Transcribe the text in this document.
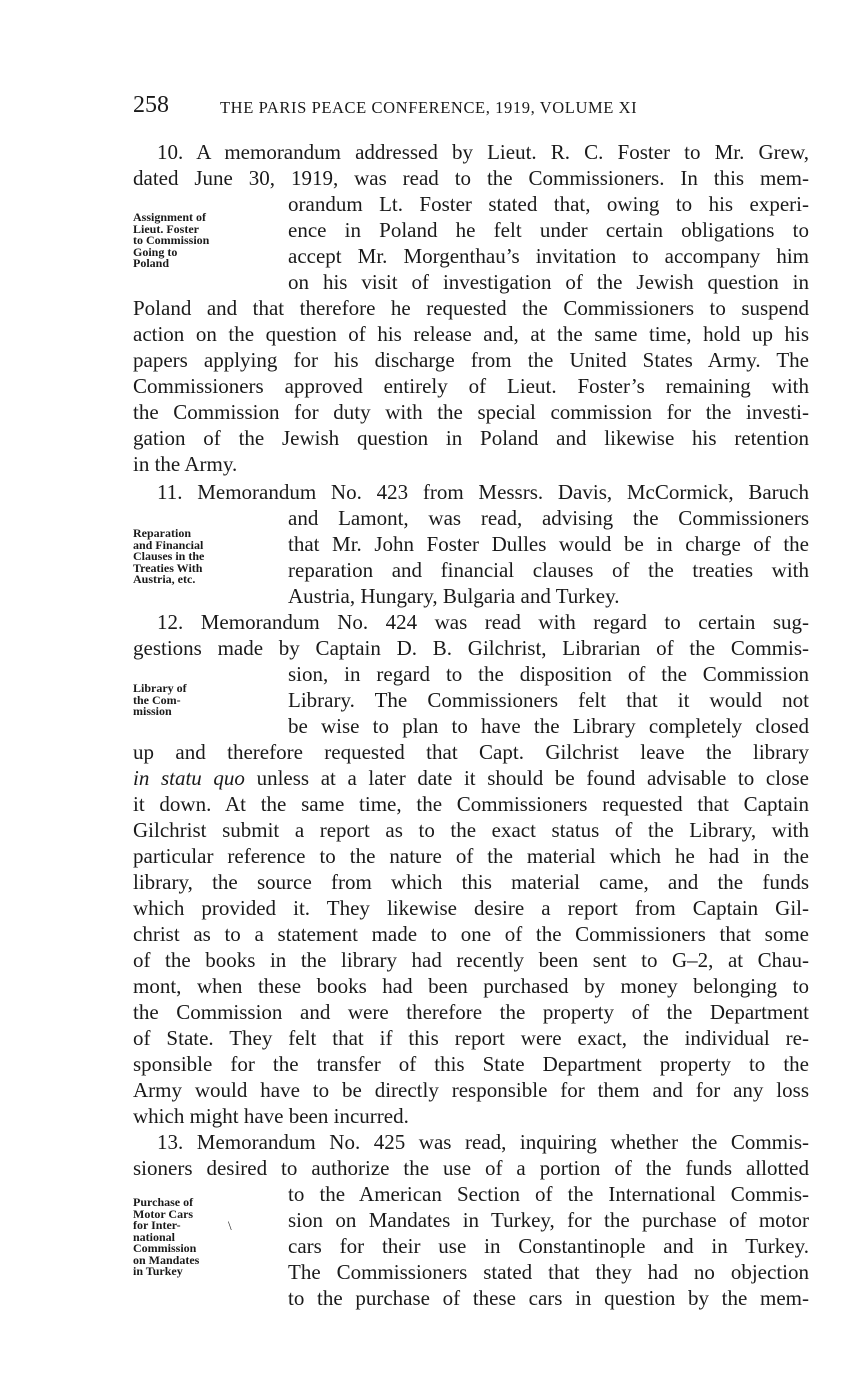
258	THE PARIS PEACE CONFERENCE, 1919, VOLUME XI
10. A memorandum addressed by Lieut. R. C. Foster to Mr. Grew,
dated June 30, 1919, was read to the Commissioners. In this mem-
orandum Lt. Foster stated that, owing to his experi-
ence in Poland he felt under certain obligations to
accept Mr. Morgenthau’s invitation to accompany him
on his visit of investigation of the Jewish question in
Poland and that therefore he requested the Commissioners to suspend
action on the question of his release and, at the same time, hold up his
papers applying for his discharge from the United States Army. The
Commissioners approved entirely of Lieut. Foster’s remaining with
the Commission for duty with the special commission for the investi-
gation of the Jewish question in Poland and likewise his retention
in the Army.
Assignment of
Lieut. Foster
to Commission
Going to
Poland
11. Memorandum No. 423 from Messrs. Davis, McCormick, Baruch
and Lamont, was read, advising the Commissioners
that Mr. John Foster Dulles would be in charge of the
reparation and financial clauses of the treaties with
Austria, Hungary, Bulgaria and Turkey.
Reparation
and Financial
Clauses in the
Treaties With
Austria, etc.
12. Memorandum No. 424 was read with regard to certain sug-
gestions made by Captain D. B. Gilchrist, Librarian of the Commis-
sion, in regard to the disposition of the Commission
Library. The Commissioners felt that it would not
be wise to plan to have the Library completely closed
up and therefore requested that Capt. Gilchrist leave the library
in statu quo unless at a later date it should be found advisable to close
it down. At the same time, the Commissioners requested that Captain
Gilchrist submit a report as to the exact status of the Library, with
particular reference to the nature of the material which he had in the
library, the source from which this material came, and the funds
which provided it. They likewise desire a report from Captain Gil-
christ as to a statement made to one of the Commissioners that some
of the books in the library had recently been sent to G–2, at Chau-
mont, when these books had been purchased by money belonging to
the Commission and were therefore the property of the Department
of State. They felt that if this report were exact, the individual re-
sponsible for the transfer of this State Department property to the
Army would have to be directly responsible for them and for any loss
which might have been incurred.
Library of
the Com-
mission
13. Memorandum No. 425 was read, inquiring whether the Commis-
sioners desired to authorize the use of a portion of the funds allotted
to the American Section of the International Commis-
sion on Mandates in Turkey, for the purchase of motor
cars for their use in Constantinople and in Turkey.
The Commissioners stated that they had no objection
to the purchase of these cars in question by the mem-
Purchase of
Motor Cars
for Inter-
national
Commission
on Mandates
in Turkey
\
